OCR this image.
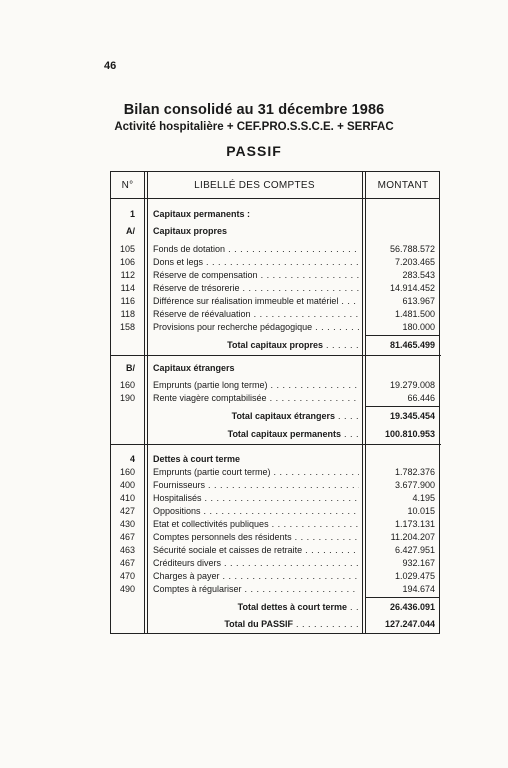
46
Bilan consolidé au 31 décembre 1986
Activité hospitalière + CEF.PRO.S.S.C.E. + SERFAC
PASSIF
N°	LIBELLÉ DES COMPTES	MONTANT
1 Capitaux permanents :
A/ Capitaux propres
105 Fonds de dotation . . .	56.788.572
106 Dons et legs . . .	7.203.465
112 Réserve de compensation . . .	283.543
114 Réserve de trésorerie . . .	14.914.452
116 Différence sur réalisation immeuble et matériel . . .	613.967
118 Réserve de réévaluation . . .	1.481.500
158 Provisions pour recherche pédagogique . . .	180.000
Total capitaux propres . . . . . .	81.465.499
B/ Capitaux étrangers
160 Emprunts (partie long terme) . . .	19.279.008
190 Rente viagère comptabilisée . . .	66.446
Total capitaux étrangers . . . .	19.345.454
Total capitaux permanents . . .	100.810.953
4 Dettes à court terme
160 Emprunts (partie court terme) . . .	1.782.376
400 Fournisseurs . . .	3.677.900
410 Hospitalisés . . .	4.195
427 Oppositions . . .	10.015
430 Etat et collectivités publiques . . .	1.173.131
467 Comptes personnels des résidents . . .	11.204.207
463 Sécurité sociale et caisses de retraite . . .	6.427.951
467 Créditeurs divers . . .	932.167
470 Charges à payer . . .	1.029.475
490 Comptes à régulariser . . .	194.674
Total dettes à court terme . .	26.436.091
Total du PASSIF . . . . . . . . . . .	127.247.044
